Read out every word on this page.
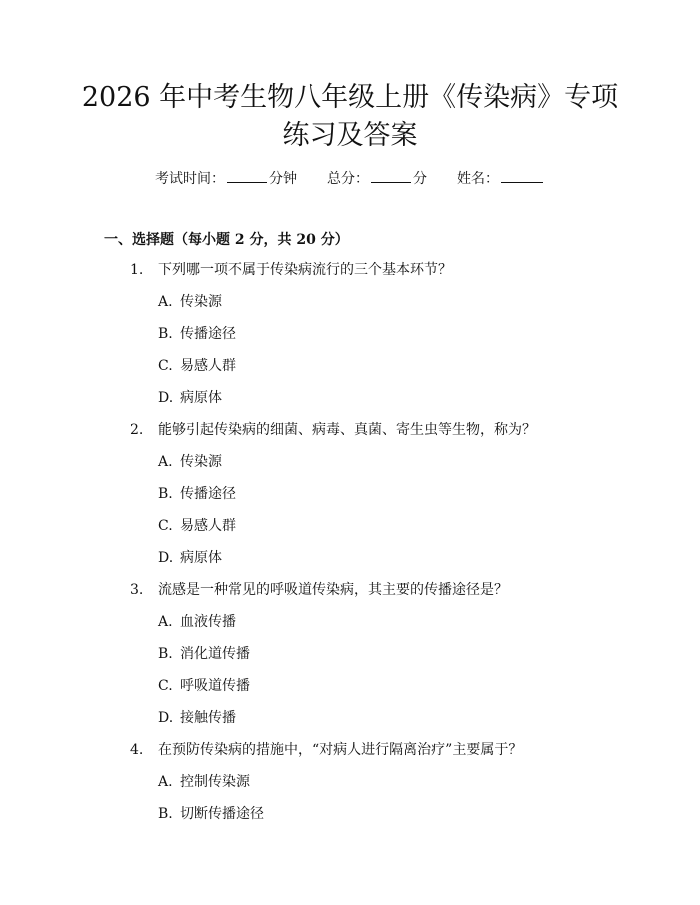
2026 年中考生物八年级上册《传染病》专项
练习及答案
考试时间：	分钟 总分：	分 姓名：
一、选择题（每小题 2 分，共 20 分）
1. 下列哪一项不属于传染病流行的三个基本环节？
A. 传染源
B. 传播途径
C. 易感人群
D. 病原体
2. 能够引起传染病的细菌、病毒、真菌、寄生虫等生物，称为？
A. 传染源
B. 传播途径
C. 易感人群
D. 病原体
3. 流感是一种常见的呼吸道传染病，其主要的传播途径是？
A. 血液传播
B. 消化道传播
C. 呼吸道传播
D. 接触传播
4. 在预防传染病的措施中，“对病人进行隔离治疗”主要属于？
A. 控制传染源
B. 切断传播途径
